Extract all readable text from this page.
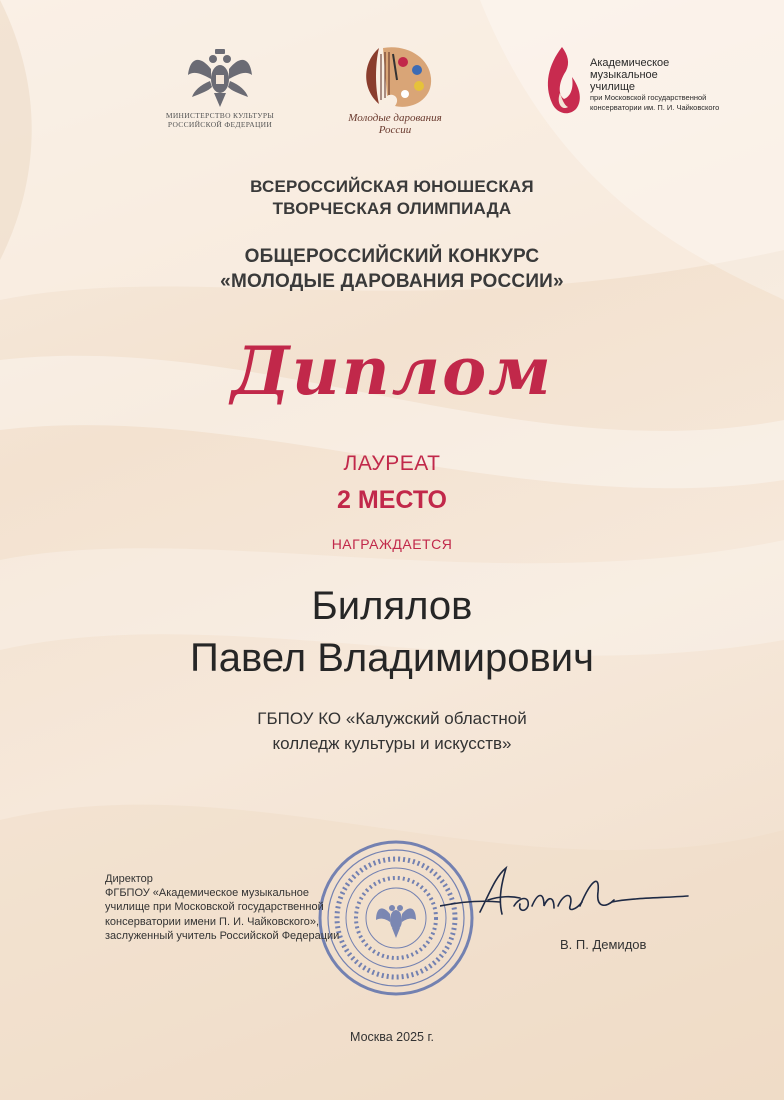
МИНИСТЕРСТВО КУЛЬТУРЫ
РОССИЙСКОЙ ФЕДЕРАЦИИ
Молодые дарования России
Академическое
музыкальное
училище
при Московской государственной
консерватории им. П. И. Чайковского
ВСЕРОССИЙСКАЯ ЮНОШЕСКАЯ
ТВОРЧЕСКАЯ ОЛИМПИАДА
ОБЩЕРОССИЙСКИЙ КОНКУРС
«МОЛОДЫЕ ДАРОВАНИЯ РОССИИ»
Диплом
ЛАУРЕАТ
2 МЕСТО
НАГРАЖДАЕТСЯ
Билялов
Павел Владимирович
ГБПОУ КО «Калужский областной
колледж культуры и искусств»
Директор
ФГБПОУ «Академическое музыкальное
училище при Московской государственной
консерватории имени П. И. Чайковского»,
заслуженный учитель Российской Федерации
В. П. Демидов
Москва 2025 г.
